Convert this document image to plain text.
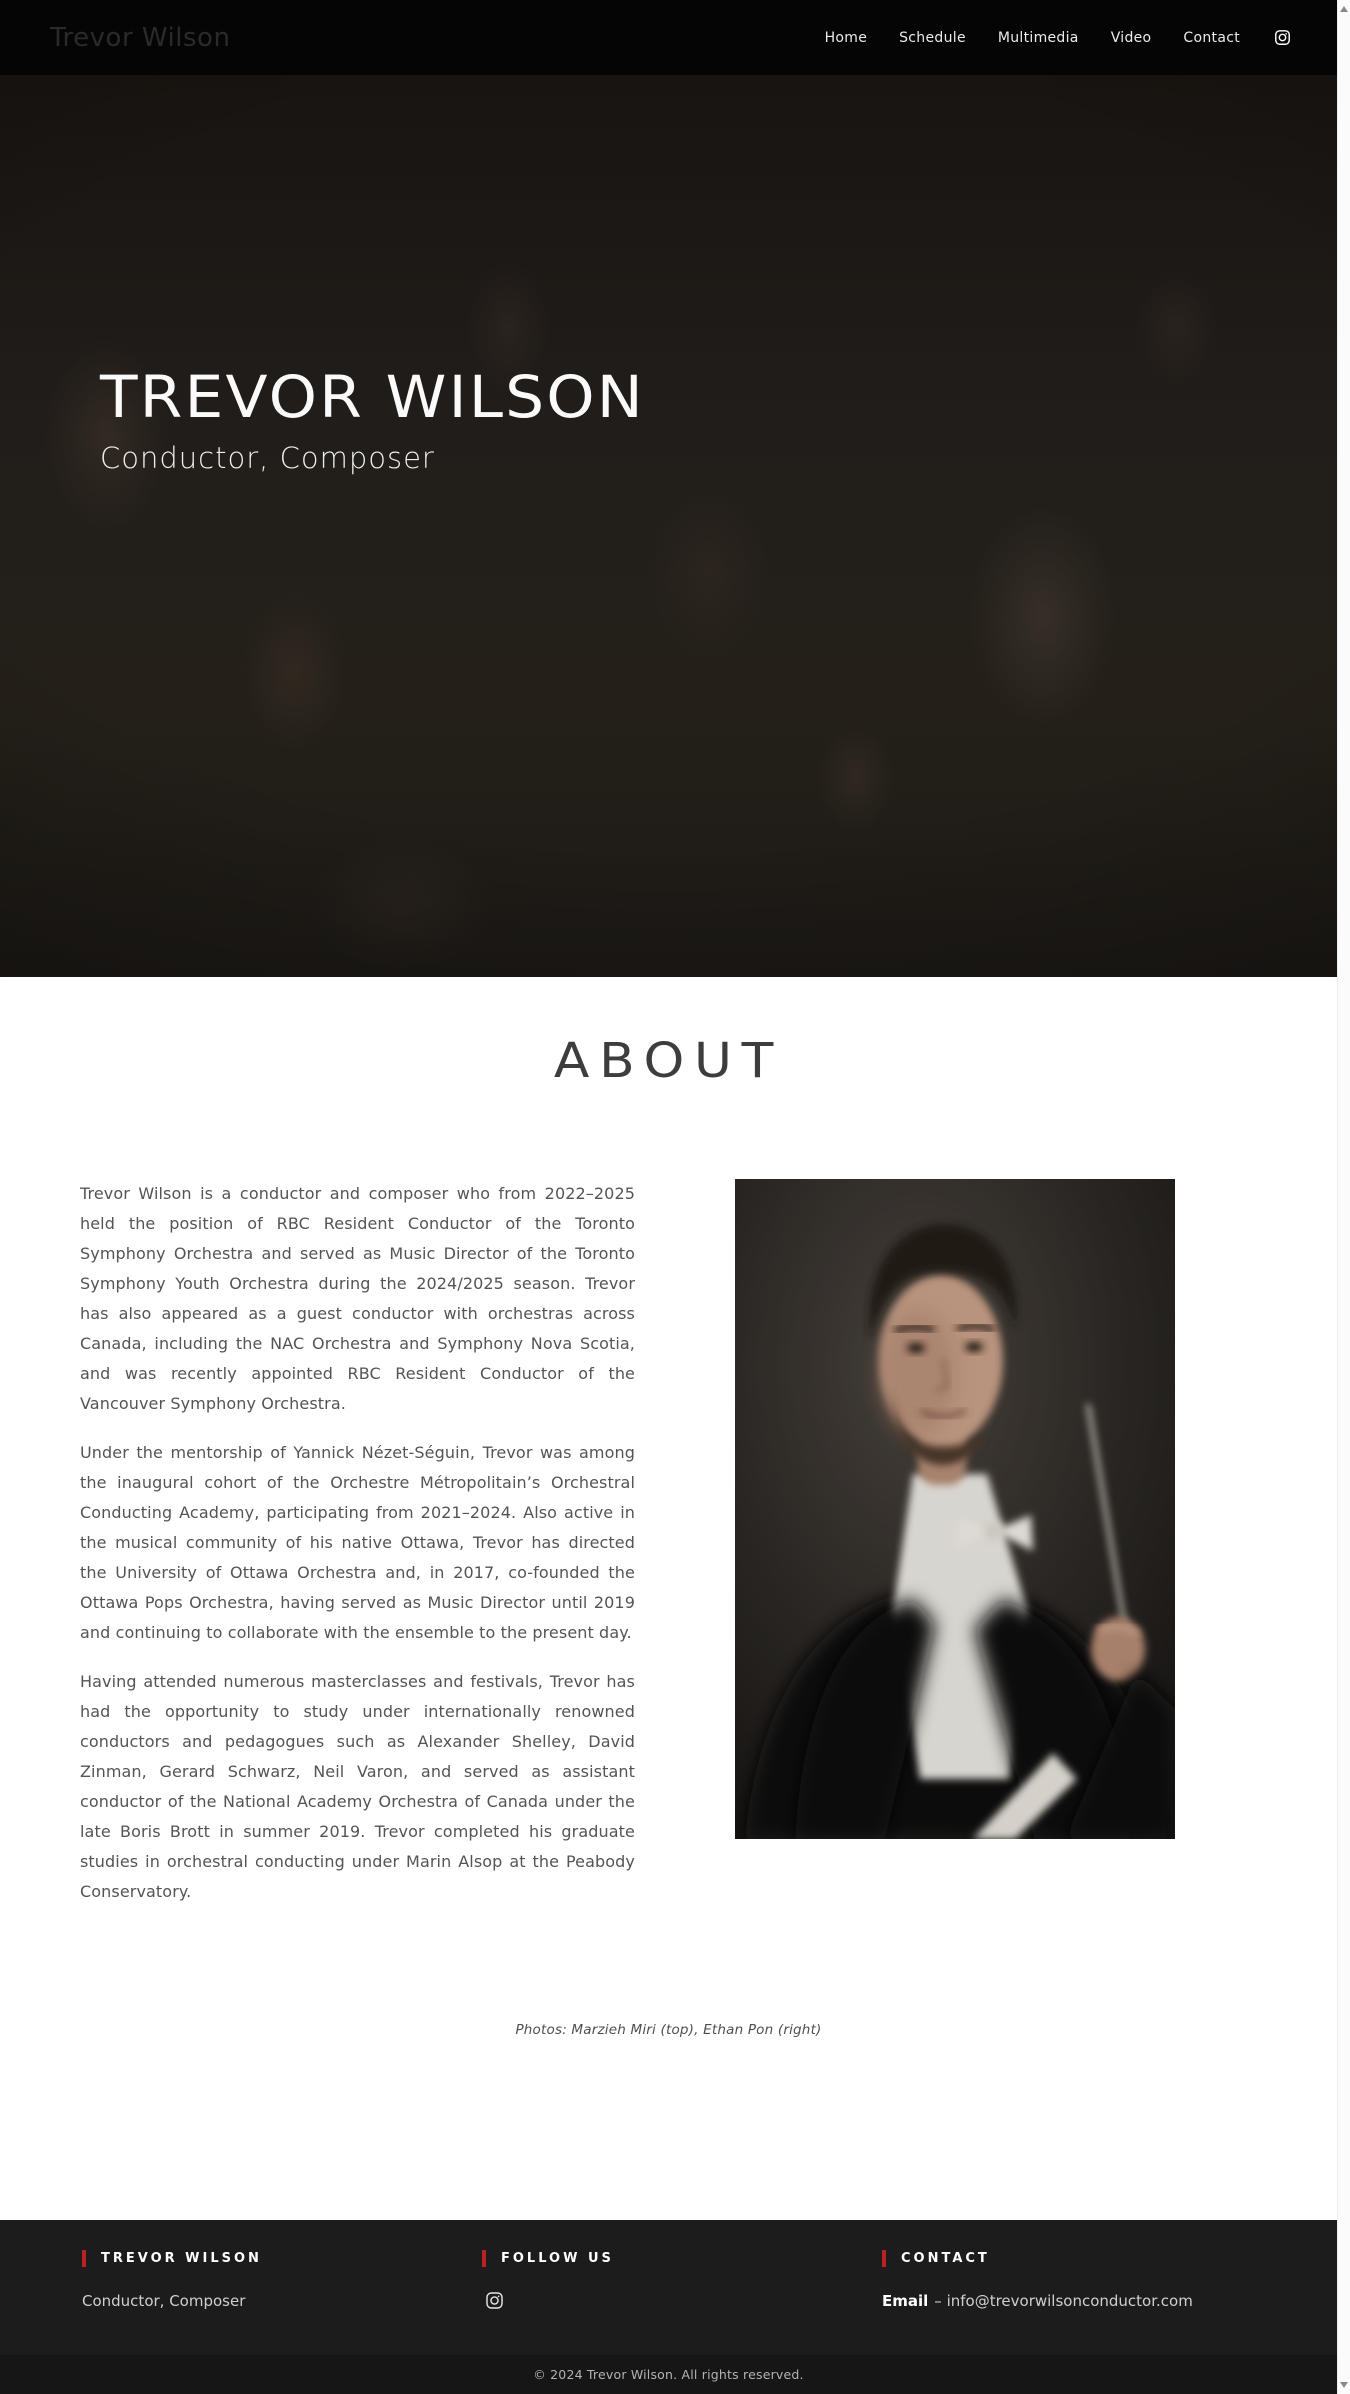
Trevor Wilson	Home Schedule Multimedia Video Contact
TREVOR WILSON
Conductor, Composer
ABOUT

Trevor Wilson is a conductor and composer who from 2022–2025 held the position of RBC Resident Conductor of the Toronto Symphony Orchestra and served as Music Director of the Toronto Symphony Youth Orchestra during the 2024/2025 season. Trevor has also appeared as a guest conductor with orchestras across Canada, including the NAC Orchestra and Symphony Nova Scotia, and was recently appointed RBC Resident Conductor of the Vancouver Symphony Orchestra.

Under the mentorship of Yannick Nézet-Séguin, Trevor was among the inaugural cohort of the Orchestre Métropolitain’s Orchestral Conducting Academy, participating from 2021–2024. Also active in the musical community of his native Ottawa, Trevor has directed the University of Ottawa Orchestra and, in 2017, co-founded the Ottawa Pops Orchestra, having served as Music Director until 2019 and continuing to collaborate with the ensemble to the present day.

Having attended numerous masterclasses and festivals, Trevor has had the opportunity to study under internationally renowned conductors and pedagogues such as Alexander Shelley, David Zinman, Gerard Schwarz, Neil Varon, and served as assistant conductor of the National Academy Orchestra of Canada under the late Boris Brott in summer 2019. Trevor completed his graduate studies in orchestral conducting under Marin Alsop at the Peabody Conservatory.

Photos: Marzieh Miri (top), Ethan Pon (right)
TREVOR WILSON
Conductor, Composer
FOLLOW US	CONTACT
Email – info@trevorwilsonconductor.com
© 2024 Trevor Wilson. All rights reserved.
